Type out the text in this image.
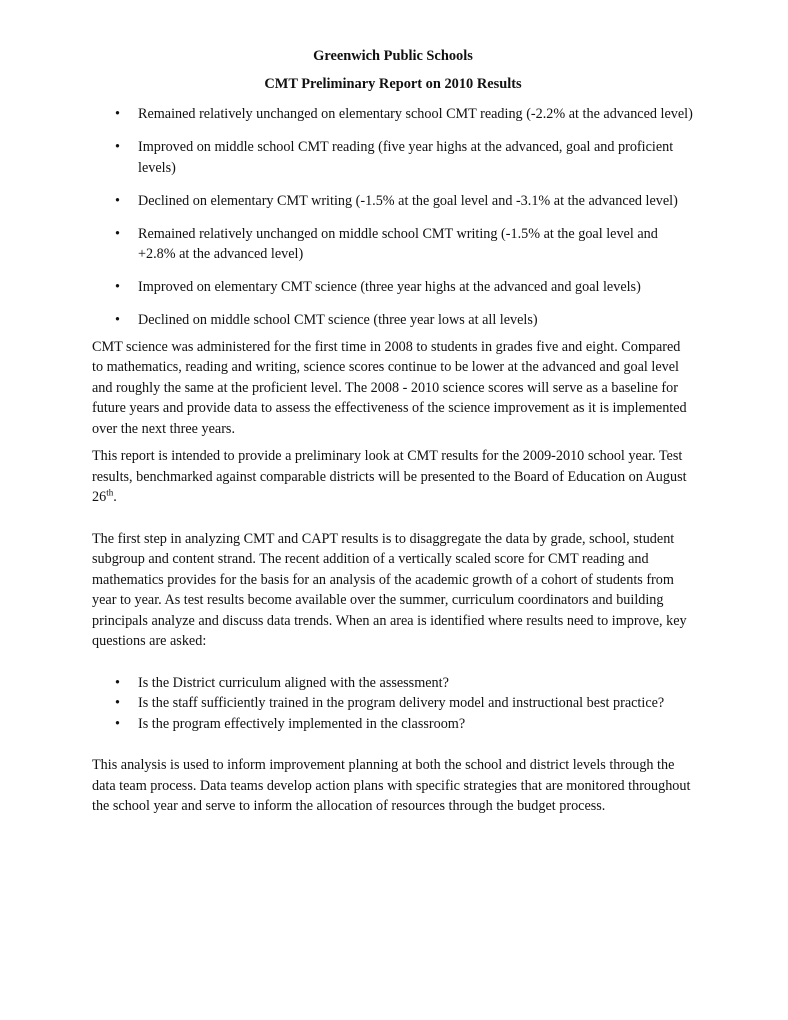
Greenwich Public Schools

CMT Preliminary Report on 2010 Results

• Remained relatively unchanged on elementary school CMT reading (-2.2% at the advanced level)
• Improved on middle school CMT reading (five year highs at the advanced, goal and proficient levels)
• Declined on elementary CMT writing (-1.5% at the goal level and -3.1% at the advanced level)
• Remained relatively unchanged on middle school CMT writing (-1.5% at the goal level and +2.8% at the advanced level)
• Improved on elementary CMT science (three year highs at the advanced and goal levels)
• Declined on middle school CMT science (three year lows at all levels)

CMT science was administered for the first time in 2008 to students in grades five and eight. Compared to mathematics, reading and writing, science scores continue to be lower at the advanced and goal level and roughly the same at the proficient level. The 2008 - 2010 science scores will serve as a baseline for future years and provide data to assess the effectiveness of the science improvement as it is implemented over the next three years.

This report is intended to provide a preliminary look at CMT results for the 2009-2010 school year. Test results, benchmarked against comparable districts will be presented to the Board of Education on August 26th.

The first step in analyzing CMT and CAPT results is to disaggregate the data by grade, school, student subgroup and content strand. The recent addition of a vertically scaled score for CMT reading and mathematics provides for the basis for an analysis of the academic growth of a cohort of students from year to year. As test results become available over the summer, curriculum coordinators and building principals analyze and discuss data trends. When an area is identified where results need to improve, key questions are asked:

• Is the District curriculum aligned with the assessment?
• Is the staff sufficiently trained in the program delivery model and instructional best practice?
• Is the program effectively implemented in the classroom?

This analysis is used to inform improvement planning at both the school and district levels through the data team process. Data teams develop action plans with specific strategies that are monitored throughout the school year and serve to inform the allocation of resources through the budget process.
